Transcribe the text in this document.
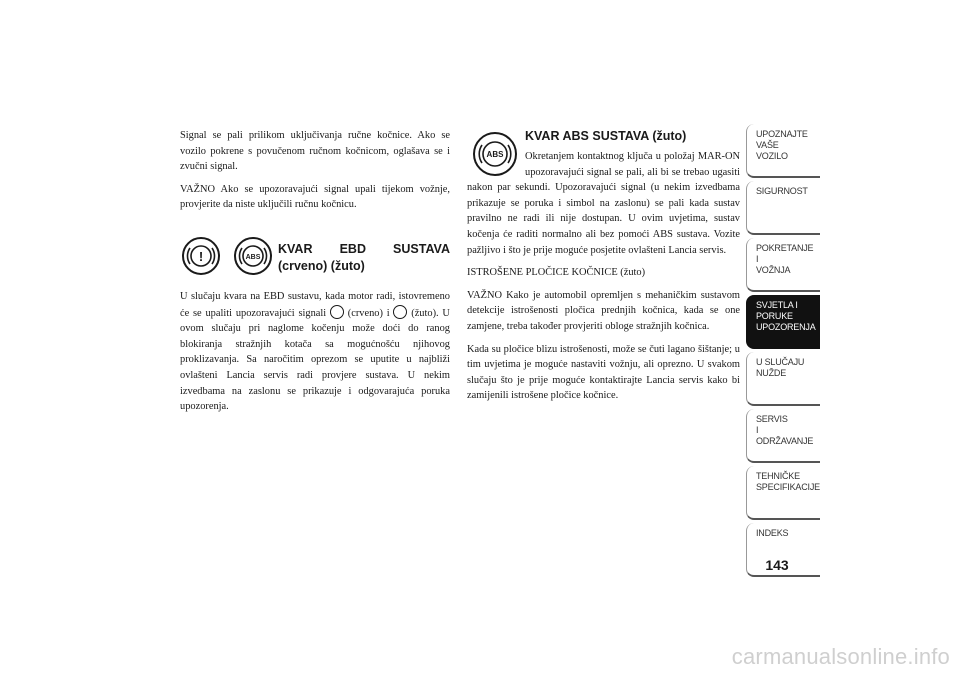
Signal se pali prilikom uključivanja ručne kočnice. Ako se vozilo pokrene s povučenom ručnom kočnicom, oglašava se i zvučni signal.

VAŽNO Ako se upozoravajući signal upali tijekom vožnje, provjerite da niste uključili ručnu kočnicu.

!	ABS
KVAR EBD SUSTAVA (crveno) (žuto)

U slučaju kvara na EBD sustavu, kada motor radi, istovremeno će se upaliti upozoravajući signali (crveno) i (žuto). U ovom slučaju pri naglome kočenju može doći do ranog blokiranja stražnjih kotača sa mogućnošću njihovog proklizavanja. Sa naročitim oprezom se uputite u najbliži ovlašteni Lancia servis radi provjere sustava. U nekim izvedbama na zaslonu se prikazuje i odgovarajuća poruka upozorenja.

ABS
KVAR ABS SUSTAVA (žuto)

Okretanjem kontaktnog ključa u položaj MAR-ON upozoravajući signal se pali, ali bi se trebao ugasiti nakon par sekundi. Upozoravajući signal (u nekim izvedbama prikazuje se poruka i simbol na zaslonu) se pali kada sustav pravilno ne radi ili nije dostupan. U ovim uvjetima, sustav kočenja će raditi normalno ali bez pomoći ABS sustava. Vozite pažljivo i što je prije moguće posjetite ovlašteni Lancia servis.

ISTROŠENE PLOČICE KOČNICE (žuto)

VAŽNO Kako je automobil opremljen s mehaničkim sustavom detekcije istrošenosti pločica prednjih kočnica, kada se one zamjene, treba također provjeriti obloge stražnjih kočnica.

Kada su pločice blizu istrošenosti, može se čuti lagano šištanje; u tim uvjetima je moguće nastaviti vožnju, ali oprezno. U svakom slučaju što je prije moguće kontaktirajte Lancia servis kako bi zamijenili istrošene pločice kočnice.

UPOZNAJTE
VAŠE
VOZILO
SIGURNOST
POKRETANJE
I
VOŽNJA
SVJETLA I
PORUKE
UPOZORENJA
U SLUČAJU
NUŽDE
SERVIS
I
ODRŽAVANJE
TEHNIČKE
SPECIFIKACIJE
INDEKS
143
carmanualsonline.info
